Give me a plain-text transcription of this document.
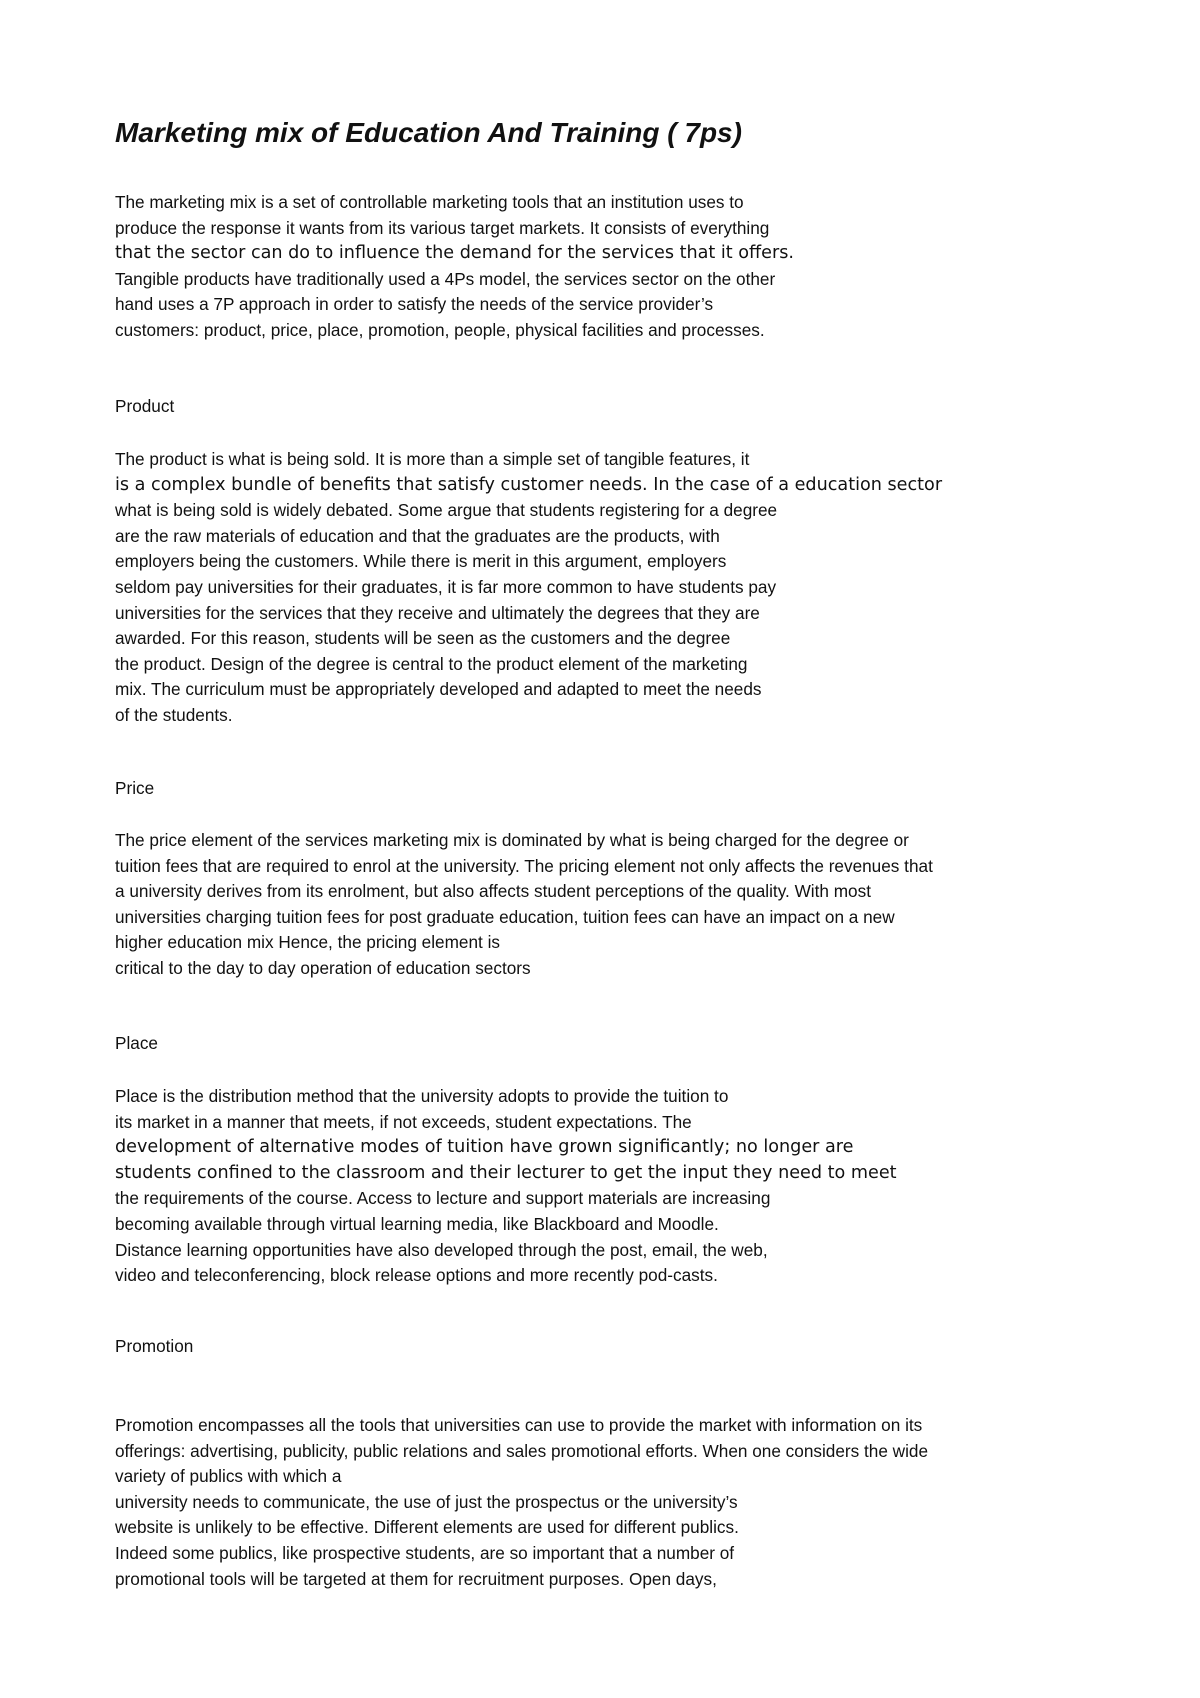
Marketing mix of Education And Training ( 7ps)

The marketing mix is a set of controllable marketing tools that an institution uses to
produce the response it wants from its various target markets. It consists of everything
that the sector can do to influence the demand for the services that it offers.
Tangible products have traditionally used a 4Ps model, the services sector on the other
hand uses a 7P approach in order to satisfy the needs of the service provider’s
customers: product, price, place, promotion, people, physical facilities and processes.

Product

The product is what is being sold. It is more than a simple set of tangible features, it
is a complex bundle of benefits that satisfy customer needs. In the case of a education sector
what is being sold is widely debated. Some argue that students registering for a degree
are the raw materials of education and that the graduates are the products, with
employers being the customers. While there is merit in this argument, employers
seldom pay universities for their graduates, it is far more common to have students pay
universities for the services that they receive and ultimately the degrees that they are
awarded. For this reason, students will be seen as the customers and the degree
the product. Design of the degree is central to the product element of the marketing
mix. The curriculum must be appropriately developed and adapted to meet the needs
of the students.

Price

The price element of the services marketing mix is dominated by what is being charged for the degree or
tuition fees that are required to enrol at the university. The pricing element not only affects the revenues that
a university derives from its enrolment, but also affects student perceptions of the quality. With most
universities charging tuition fees for post graduate education, tuition fees can have an impact on a new
higher education mix Hence, the pricing element is
critical to the day to day operation of education sectors

Place

Place is the distribution method that the university adopts to provide the tuition to
its market in a manner that meets, if not exceeds, student expectations. The
development of alternative modes of tuition have grown significantly; no longer are
students confined to the classroom and their lecturer to get the input they need to meet
the requirements of the course. Access to lecture and support materials are increasing
becoming available through virtual learning media, like Blackboard and Moodle.
Distance learning opportunities have also developed through the post, email, the web,
video and teleconferencing, block release options and more recently pod-casts.

Promotion

Promotion encompasses all the tools that universities can use to provide the market with information on its
offerings: advertising, publicity, public relations and sales promotional efforts. When one considers the wide
variety of publics with which a
university needs to communicate, the use of just the prospectus or the university’s
website is unlikely to be effective. Different elements are used for different publics.
Indeed some publics, like prospective students, are so important that a number of
promotional tools will be targeted at them for recruitment purposes. Open days,
